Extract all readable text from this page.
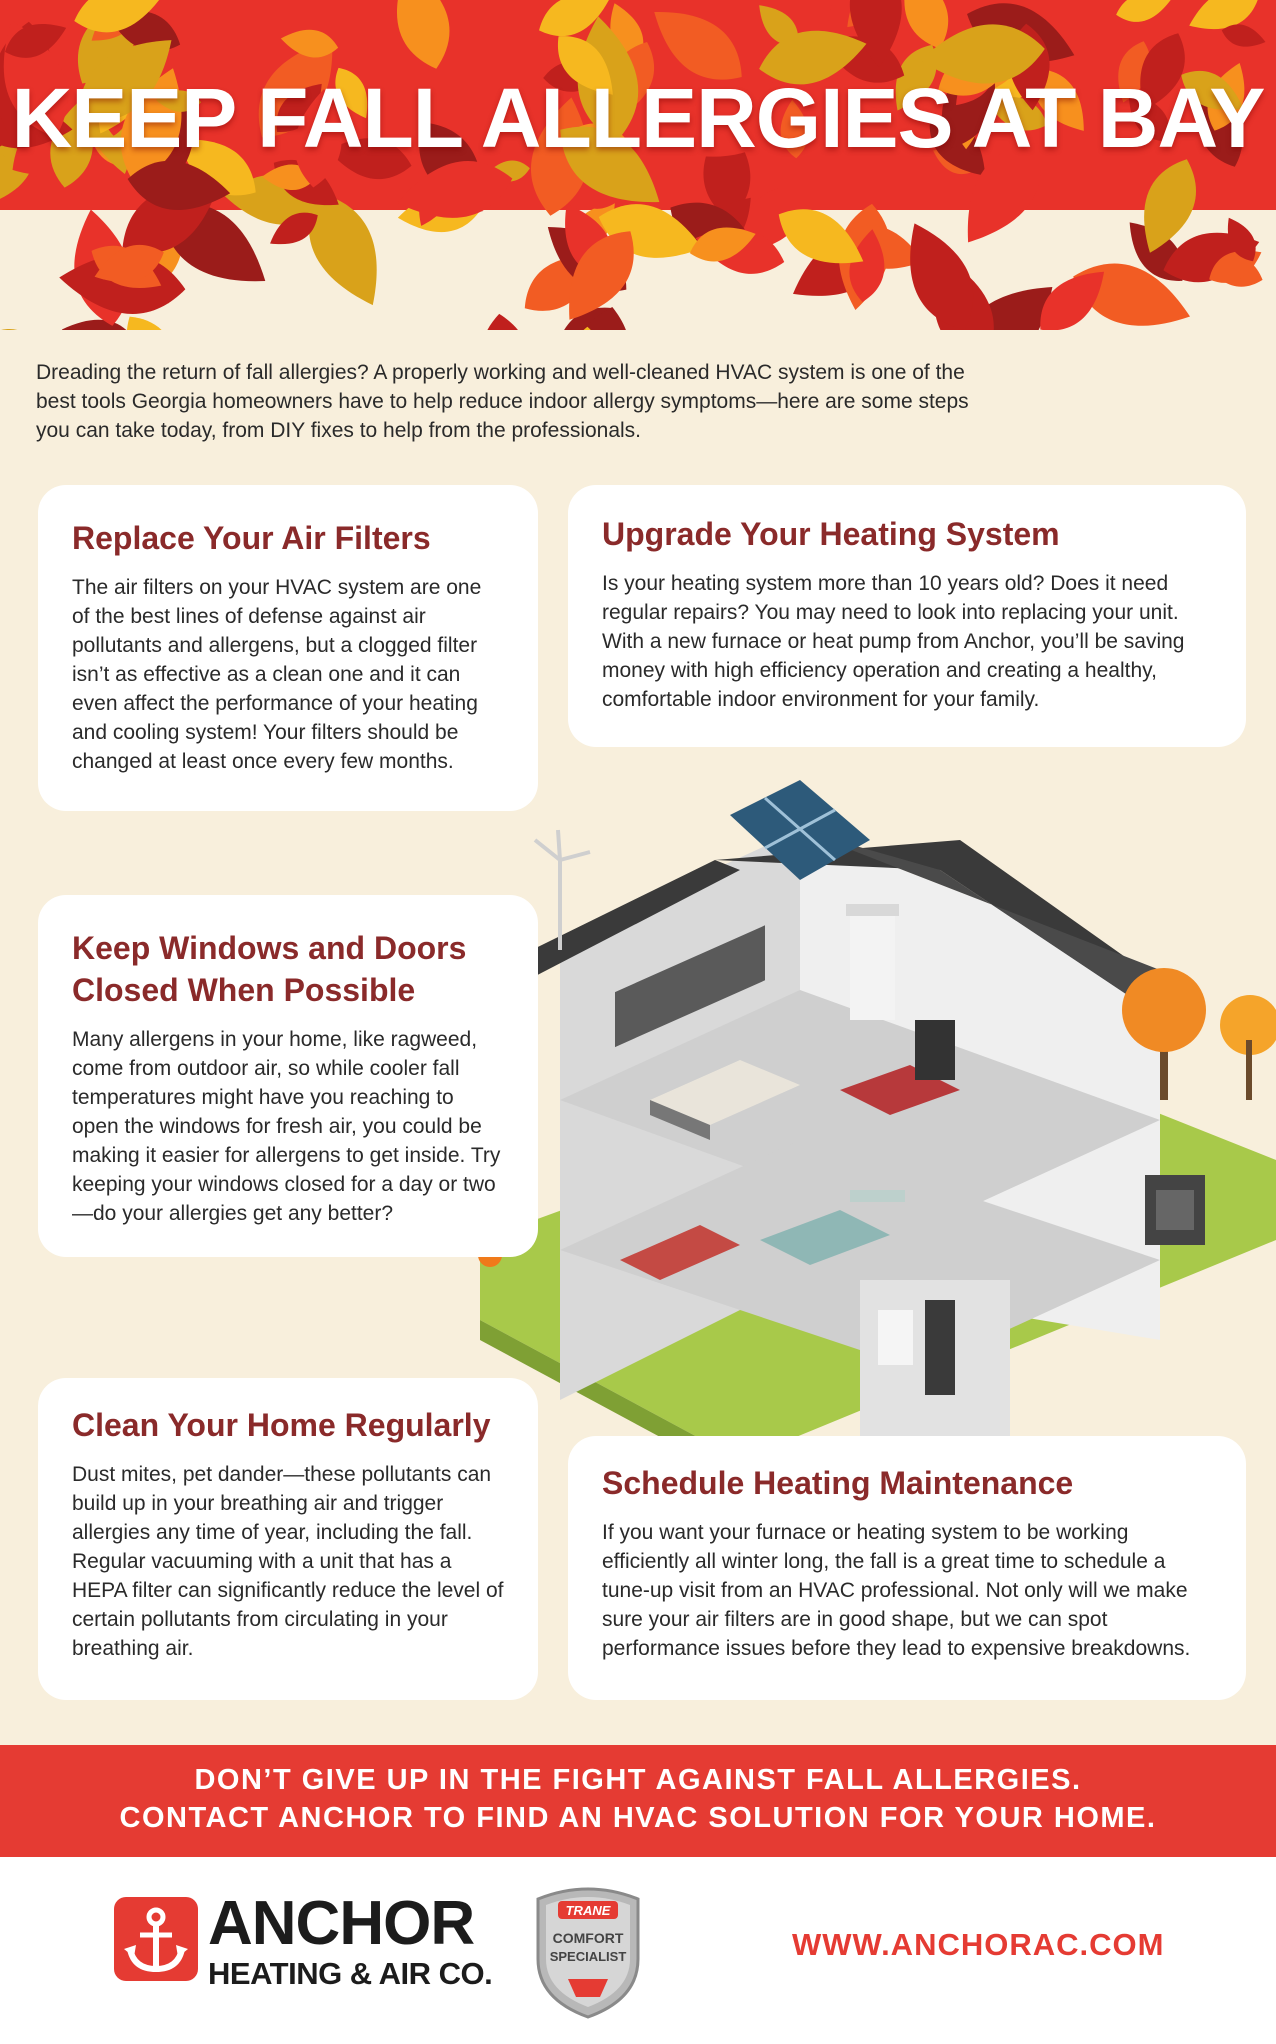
KEEP FALL ALLERGIES AT BAY
Dreading the return of fall allergies? A properly working and well-cleaned HVAC system is one of the best tools Georgia homeowners have to help reduce indoor allergy symptoms—here are some steps you can take today, from DIY fixes to help from the professionals.
Replace Your Air Filters

The air filters on your HVAC system are one of the best lines of defense against air pollutants and allergens, but a clogged filter isn’t as effective as a clean one and it can even affect the performance of your heating and cooling system! Your filters should be changed at least once every few months.

Upgrade Your Heating System

Is your heating system more than 10 years old? Does it need regular repairs? You may need to look into replacing your unit. With a new furnace or heat pump from Anchor, you’ll be saving money with high efficiency operation and creating a healthy, comfortable indoor environment for your family.

Keep Windows and Doors Closed When Possible

Many allergens in your home, like ragweed, come from outdoor air, so while cooler fall temperatures might have you reaching to open the windows for fresh air, you could be making it easier for allergens to get inside. Try keeping your windows closed for a day or two—do your allergies get any better?

Clean Your Home Regularly

Dust mites, pet dander—these pollutants can build up in your breathing air and trigger allergies any time of year, including the fall. Regular vacuuming with a unit that has a HEPA filter can significantly reduce the level of certain pollutants from circulating in your breathing air.

Schedule Heating Maintenance

If you want your furnace or heating system to be working efficiently all winter long, the fall is a great time to schedule a tune-up visit from an HVAC professional. Not only will we make sure your air filters are in good shape, but we can spot performance issues before they lead to expensive breakdowns.

DON’T GIVE UP IN THE FIGHT AGAINST FALL ALLERGIES.
CONTACT ANCHOR TO FIND AN HVAC SOLUTION FOR YOUR HOME.
ANCHOR
HEATING & AIR CO.
TRANE
COMFORT
SPECIALIST	WWW.ANCHORAC.COM
